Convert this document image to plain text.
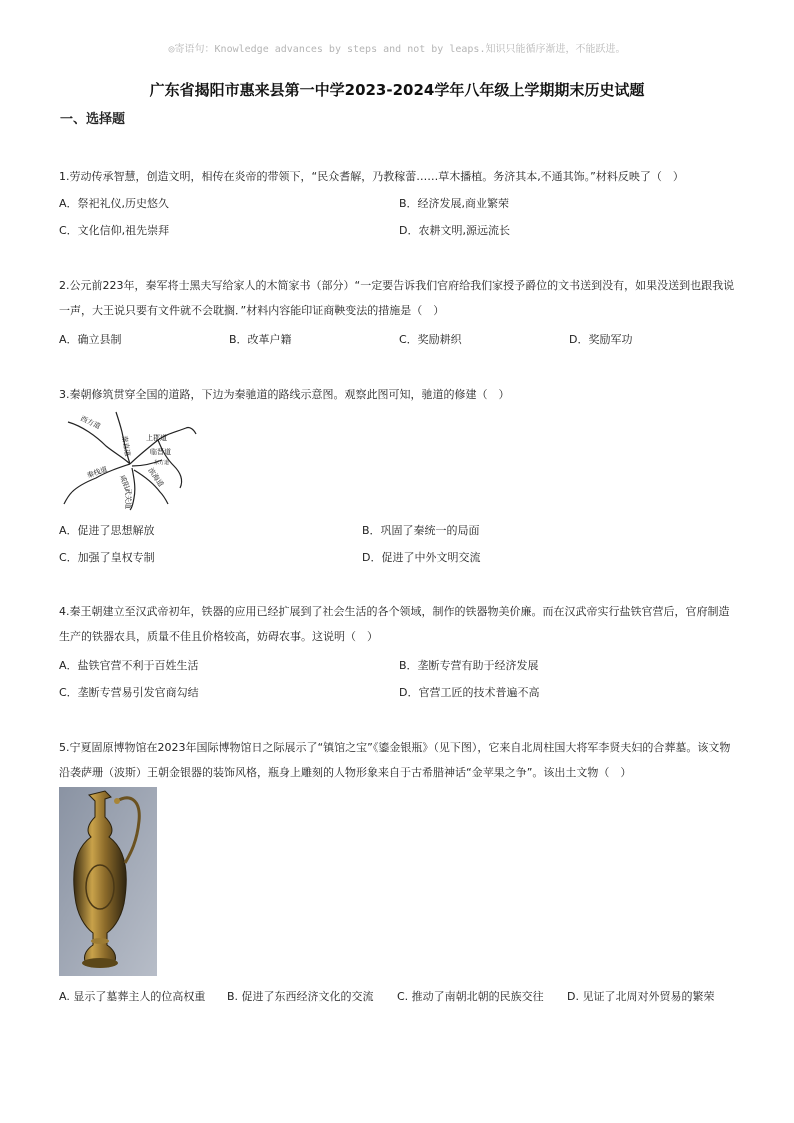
◎寄语句：Knowledge advances by steps and not by leaps.知识只能循序渐进，不能跃进。
广东省揭阳市惠来县第一中学2023-2024学年八年级上学期期末历史试题
一、选择题
1.劳动传承智慧，创造文明，相传在炎帝的带领下，“民众耆解，乃教稼蕾……草木播植。务济其本,不通其饰。”材料反映了（　）
A．祭祀礼仪,历史悠久	B．经济发展,商业繁荣
C．文化信仰,祖先崇拜	D．农耕文明,源远流长
2.公元前223年，秦军将士黑夫写给家人的木简家书（部分）“一定要告诉我们官府给我们家授予爵位的文书送到没有，如果没送到也跟我说一声，大王说只要有文件就不会耽搁．”材料内容能印证商鞅变法的措施是（　）
A．确立县制	B．改革户籍	C．奖励耕织	D．奖励军功
3.秦朝修筑贯穿全国的道路，下边为秦驰道的路线示意图。观察此图可知，驰道的修建（　）
西方道
秦直道 上郡道
临晋道
东方道
秦栈道
咸阳
武关道
滨海道
A．促进了思想解放	B．巩固了秦统一的局面
C．加强了皇权专制	D．促进了中外文明交流
4.秦王朝建立至汉武帝初年，铁器的应用已经扩展到了社会生活的各个领域，制作的铁器物美价廉。而在汉武帝实行盐铁官营后，官府制造生产的铁器农具，质量不佳且价格较高，妨碍农事。这说明（　）
A．盐铁官营不利于百姓生活	B．垄断专营有助于经济发展
C．垄断专营易引发官商勾结	D．官营工匠的技术普遍不高
5.宁夏固原博物馆在2023年国际博物馆日之际展示了“镇馆之宝”《鎏金银瓶》（见下图），它来自北周柱国大将军李贤夫妇的合葬墓。该文物沿袭萨珊（波斯）王朝金银器的装饰风格，瓶身上雕刻的人物形象来自于古希腊神话“金苹果之争”。该出土文物（　）
A. 显示了墓葬主人的位高权重 B. 促进了东西经济文化的交流 C. 推动了南朝北朝的民族交往 D. 见证了北周对外贸易的繁荣
